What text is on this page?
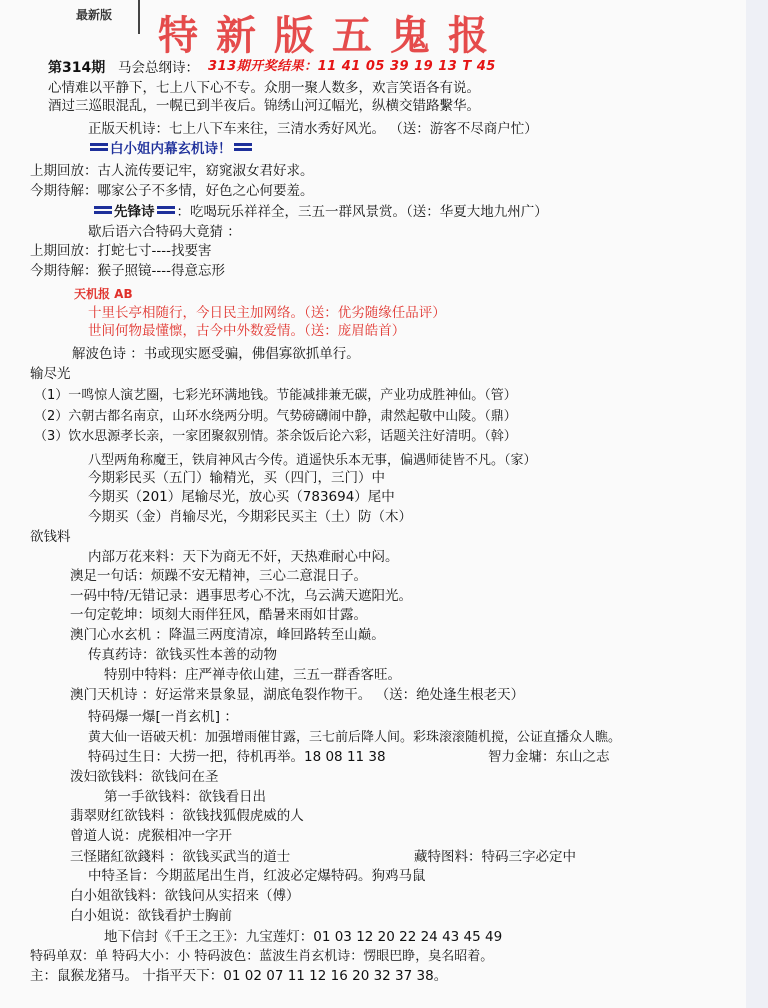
最新版 特新版五鬼报
第314期 马会总纲诗： 313期开奖结果：11 41 05 39 19 13 T 45
心情难以平静下，七上八下心不专。众朋一聚人数多，欢言笑语各有说。
酒过三巡眼混乱，一幌已到半夜后。锦绣山河辽幅光，纵横交错路繫华。
正版天机诗：七上八下车来往，三清水秀好风光。 （送：游客不尽商户忙）
白小姐内幕玄机诗！
上期回放：古人流传要记牢，窈窕淑女君好求。
今期待解：哪家公子不多情，好色之心何要羞。
先锋诗 ：吃喝玩乐祥祥全，三五一群风景赏。（送：华夏大地九州广）
歇后语六合特码大竟猜 ：
上期回放：打蛇七寸----找要害
今期待解：猴子照镜----得意忘形
天机报 AB
十里长亭相随行，今日民主加网络。（送：优劣随缘任品评）
世间何物最懂懔，古今中外数爱情。（送：庞眉皓首）
解波色诗 ：书或现实愿受骗，佛倡寡欲抓单行。
输尽光
（1）一鸣惊人演艺圈，七彩光环满地钱。节能减排兼无碳，产业功成胜神仙。（管）
（2）六朝古都名南京，山环水绕两分明。气势磅礴闹中静，肃然起敬中山陵。（鼎）
（3）饮水思源孝长亲，一家团聚叙别情。茶余饭后论六彩，话题关注好清明。（斡）
八型两角称魔王，铁肩神风古今传。逍遥快乐本无事，偏遇师徒皆不凡。（家）
今期彩民买（五门）输精光，买（四门，三门）中
今期买（201）尾输尽光，放心买（783694）尾中
今期买（金）肖输尽光，今期彩民买主（土）防（木）
欲钱料
内部万花来料：天下为商无不奸，天热难耐心中闷。
澳足一句话：烦躁不安无精神，三心二意混日子。
一码中特/无错记录：遇事思考心不沈，乌云满天遮阳光。
一句定乾坤：顷刻大雨伴狂风，酷暑来雨如甘露。
澳门心水玄机 ：降温三两度清凉，峰回路转至山巅。
传真药诗：欲钱买性本善的动物
特别中特料：庄严禅寺依山建，三五一群香客旺。
澳门天机诗 ：好运常来景象显，湖底龟裂作物干。 （送：绝处逢生根老天）
特码爆一爆[一肖玄机] ：
黄大仙一语破天机：加强增雨催甘露，三七前后降人间。彩珠滚滚随机搅，公证直播众人瞧。
特码过生日：大捞一把，待机再举。18 08 11 38	智力金墉：东山之志
泼妇欲钱料：欲钱问在圣
第一手欲钱料：欲钱看日出
翡翠财红欲钱料 ：欲钱找狐假虎威的人
曾道人说：虎猴相冲一字开
三怪賭紅欲錢料 ：欲钱买武当的道士	藏特图料：特码三字必定中
中特圣旨：今期蓝尾出生肖，红波必定爆特码。狗鸡马鼠
白小姐欲钱料：欲钱问从实招来（傅）
白小姐说：欲钱看护士胸前
地下信封《千王之王》：九宝莲灯：01 03 12 20 22 24 43 45 49
特码单双：单 特码大小：小 特码波色：蓝波生肖玄机诗：愣眼巴睁，臭名昭着。
主：鼠猴龙猪马。 十指平天下：01 02 07 11 12 16 20 32 37 38。
